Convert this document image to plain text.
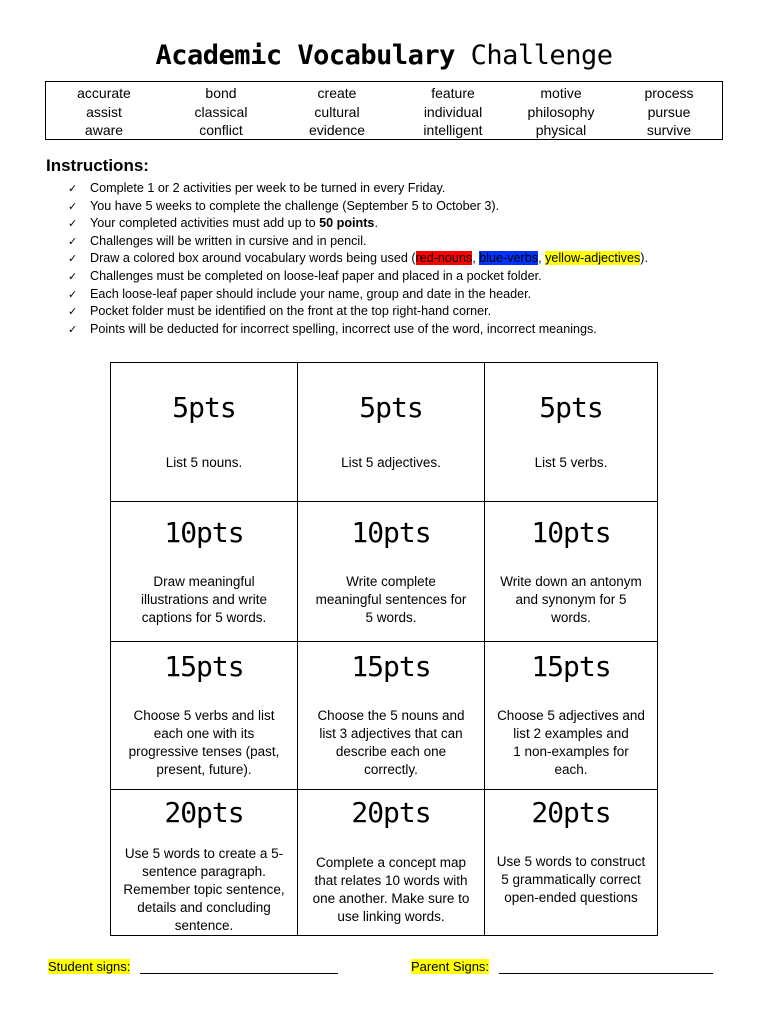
Academic Vocabulary Challenge
accurate
assist
aware
bond
classical
conflict
create
cultural
evidence
feature
individual
intelligent
motive
philosophy
physical
process
pursue
survive
Instructions:
✓ Complete 1 or 2 activities per week to be turned in every Friday.
✓ You have 5 weeks to complete the challenge (September 5 to October 3).
✓ Your completed activities must add up to 50 points.
✓ Challenges will be written in cursive and in pencil.
✓ Draw a colored box around vocabulary words being used (red-nouns, blue-verbs, yellow-adjectives).
✓ Challenges must be completed on loose-leaf paper and placed in a pocket folder.
✓ Each loose-leaf paper should include your name, group and date in the header.
✓ Pocket folder must be identified on the front at the top right-hand corner.
✓ Points will be deducted for incorrect spelling, incorrect use of the word, incorrect meanings.
5pts
List 5 nouns.
5pts
List 5 adjectives.
5pts
List 5 verbs.
10pts
Draw meaningful
illustrations and write
captions for 5 words.
10pts
Write complete
meaningful sentences for
5 words.
10pts
Write down an antonym
and synonym for 5
words.
15pts
Choose 5 verbs and list
each one with its
progressive tenses (past,
present, future).
15pts
Choose the 5 nouns and
list 3 adjectives that can
describe each one
correctly.
15pts
Choose 5 adjectives and
list 2 examples and
1 non-examples for
each.
20pts
Use 5 words to create a 5-
sentence paragraph.
Remember topic sentence,
details and concluding
sentence.
20pts
Complete a concept map
that relates 10 words with
one another. Make sure to
use linking words.
20pts
Use 5 words to construct
5 grammatically correct
open-ended questions
Student signs:	Parent Signs:
